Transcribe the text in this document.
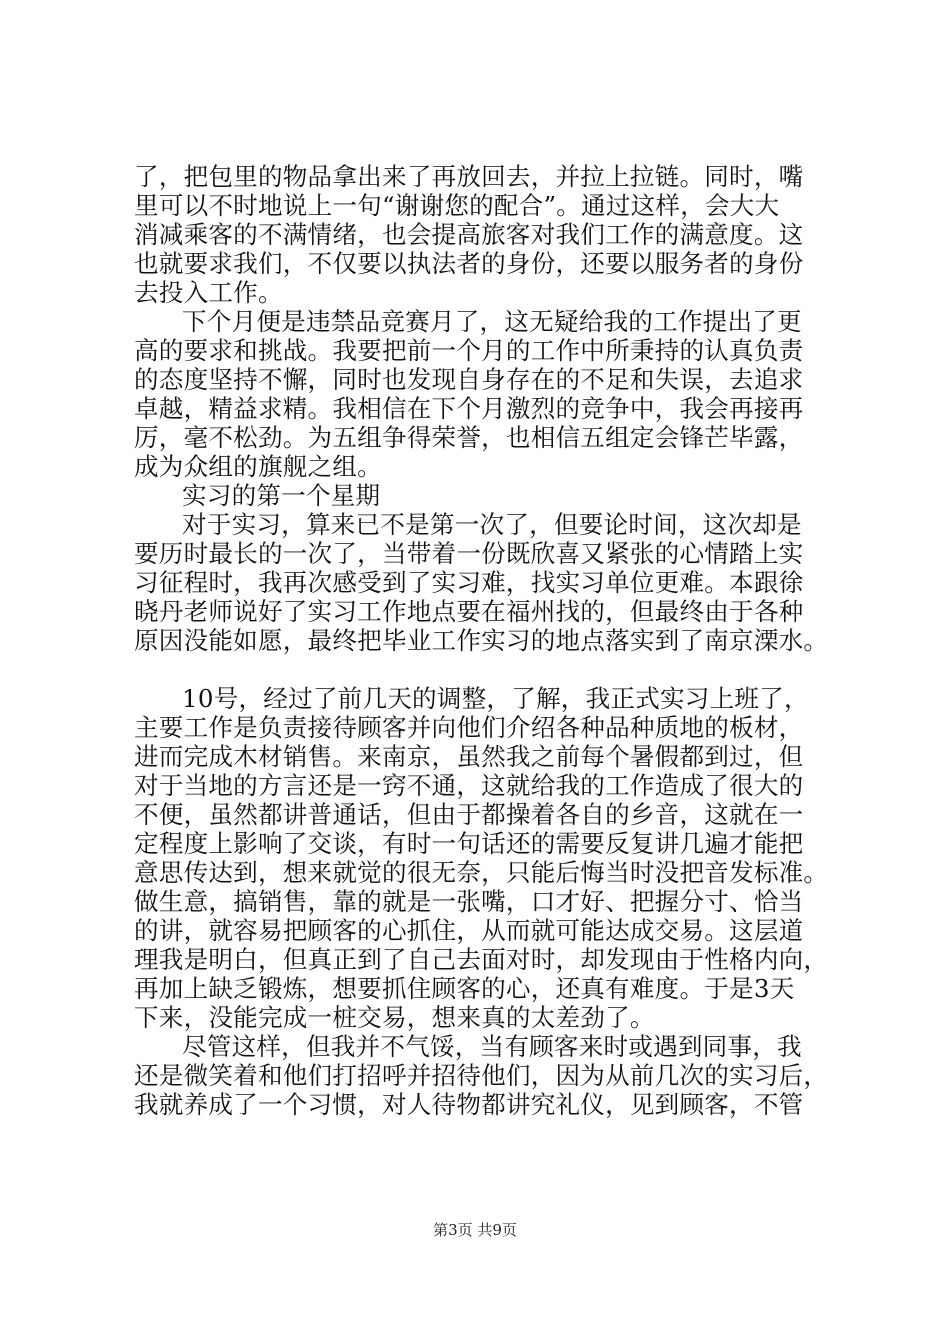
了，把包里的物品拿出来了再放回去，并拉上拉链。同时，嘴
里可以不时地说上一句“谢谢您的配合”。通过这样，会大大
消减乘客的不满情绪，也会提高旅客对我们工作的满意度。这
也就要求我们，不仅要以执法者的身份，还要以服务者的身份
去投入工作。
下个月便是违禁品竞赛月了，这无疑给我的工作提出了更
高的要求和挑战。我要把前一个月的工作中所秉持的认真负责
的态度坚持不懈，同时也发现自身存在的不足和失误，去追求
卓越，精益求精。我相信在下个月激烈的竞争中，我会再接再
厉，毫不松劲。为五组争得荣誉，也相信五组定会锋芒毕露，
成为众组的旗舰之组。
实习的第一个星期
对于实习，算来已不是第一次了，但要论时间，这次却是
要历时最长的一次了，当带着一份既欣喜又紧张的心情踏上实
习征程时，我再次感受到了实习难，找实习单位更难。本跟徐
晓丹老师说好了实习工作地点要在福州找的，但最终由于各种
原因没能如愿，最终把毕业工作实习的地点落实到了南京溧水。
10号，经过了前几天的调整，了解，我正式实习上班了，
主要工作是负责接待顾客并向他们介绍各种品种质地的板材，
进而完成木材销售。来南京，虽然我之前每个暑假都到过，但
对于当地的方言还是一窍不通，这就给我的工作造成了很大的
不便，虽然都讲普通话，但由于都操着各自的乡音，这就在一
定程度上影响了交谈，有时一句话还的需要反复讲几遍才能把
意思传达到，想来就觉的很无奈，只能后悔当时没把音发标准。
做生意，搞销售，靠的就是一张嘴，口才好、把握分寸、恰当
的讲，就容易把顾客的心抓住，从而就可能达成交易。这层道
理我是明白，但真正到了自己去面对时，却发现由于性格内向，
再加上缺乏锻炼，想要抓住顾客的心，还真有难度。于是3天
下来，没能完成一桩交易，想来真的太差劲了。
尽管这样，但我并不气馁，当有顾客来时或遇到同事，我
还是微笑着和他们打招呼并招待他们，因为从前几次的实习后，
我就养成了一个习惯，对人待物都讲究礼仪，见到顾客，不管
第3页 共9页
